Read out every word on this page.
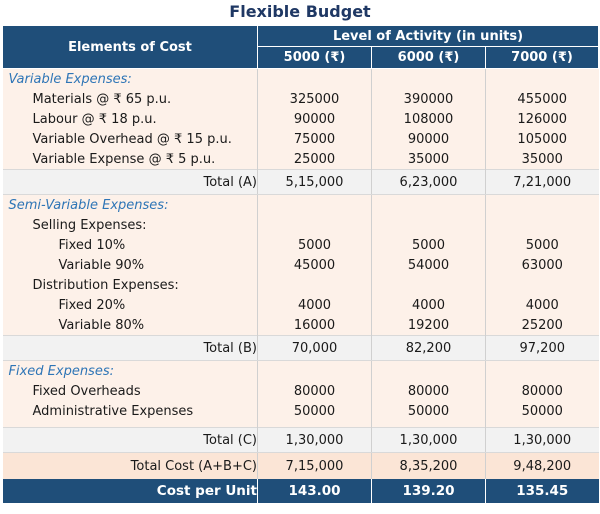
Flexible Budget
Elements of Cost	Level of Activity (in units)		
	5000 (₹)	6000 (₹)	7000 (₹)
Variable Expenses:			
Materials @ ₹ 65 p.u.	325000	390000	455000
Labour @ ₹ 18 p.u.	90000	108000	126000
Variable Overhead @ ₹ 15 p.u.	75000	90000	105000
Variable Expense @ ₹ 5 p.u.	25000	35000	35000
Total (A)	5,15,000	6,23,000	7,21,000
Semi-Variable Expenses:			
Selling Expenses:			
Fixed 10%	5000	5000	5000
Variable 90%	45000	54000	63000
Distribution Expenses:			
Fixed 20%	4000	4000	4000
Variable 80%	16000	19200	25200
Total (B)	70,000	82,200	97,200
Fixed Expenses:			
Fixed Overheads	80000	80000	80000
Administrative Expenses	50000	50000	50000

Total (C)	1,30,000	1,30,000	1,30,000
Total Cost (A+B+C)	7,15,000	8,35,200	9,48,200
Cost per Unit	143.00	139.20	135.45
